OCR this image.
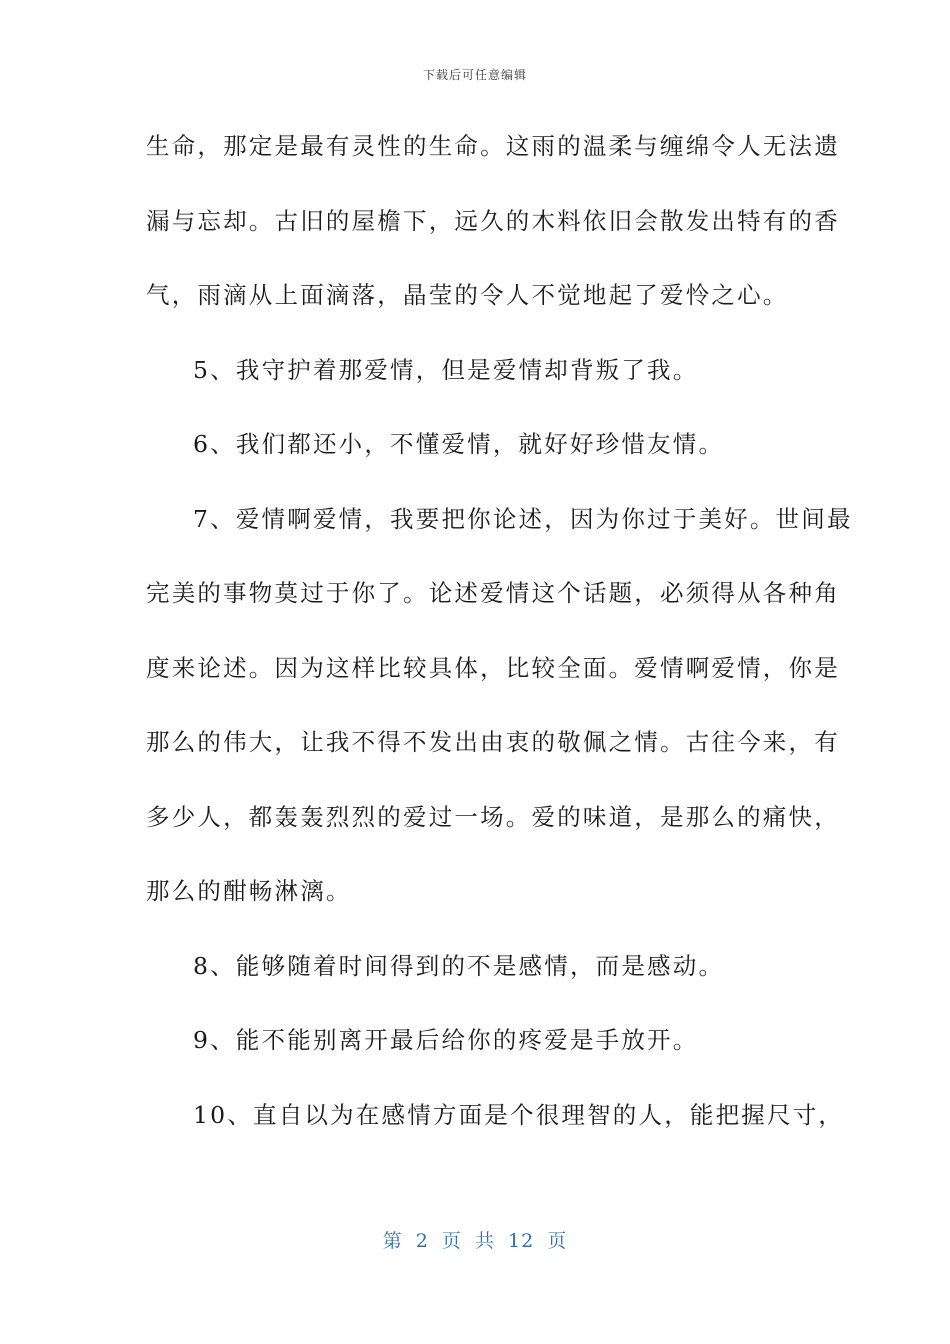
下载后可任意编辑
生命，那定是最有灵性的生命。这雨的温柔与缠绵令人无法遗
漏与忘却。古旧的屋檐下，远久的木料依旧会散发出特有的香
气，雨滴从上面滴落，晶莹的令人不觉地起了爱怜之心。
5、我守护着那爱情，但是爱情却背叛了我。
6、我们都还小，不懂爱情，就好好珍惜友情。
7、爱情啊爱情，我要把你论述，因为你过于美好。世间最
完美的事物莫过于你了。论述爱情这个话题，必须得从各种角
度来论述。因为这样比较具体，比较全面。爱情啊爱情，你是
那么的伟大，让我不得不发出由衷的敬佩之情。古往今来，有
多少人，都轰轰烈烈的爱过一场。爱的味道，是那么的痛快，
那么的酣畅淋漓。
8、能够随着时间得到的不是感情，而是感动。
9、能不能别离开最后给你的疼爱是手放开。
10、直自以为在感情方面是个很理智的人，能把握尺寸，
第 2 页 共 12 页
